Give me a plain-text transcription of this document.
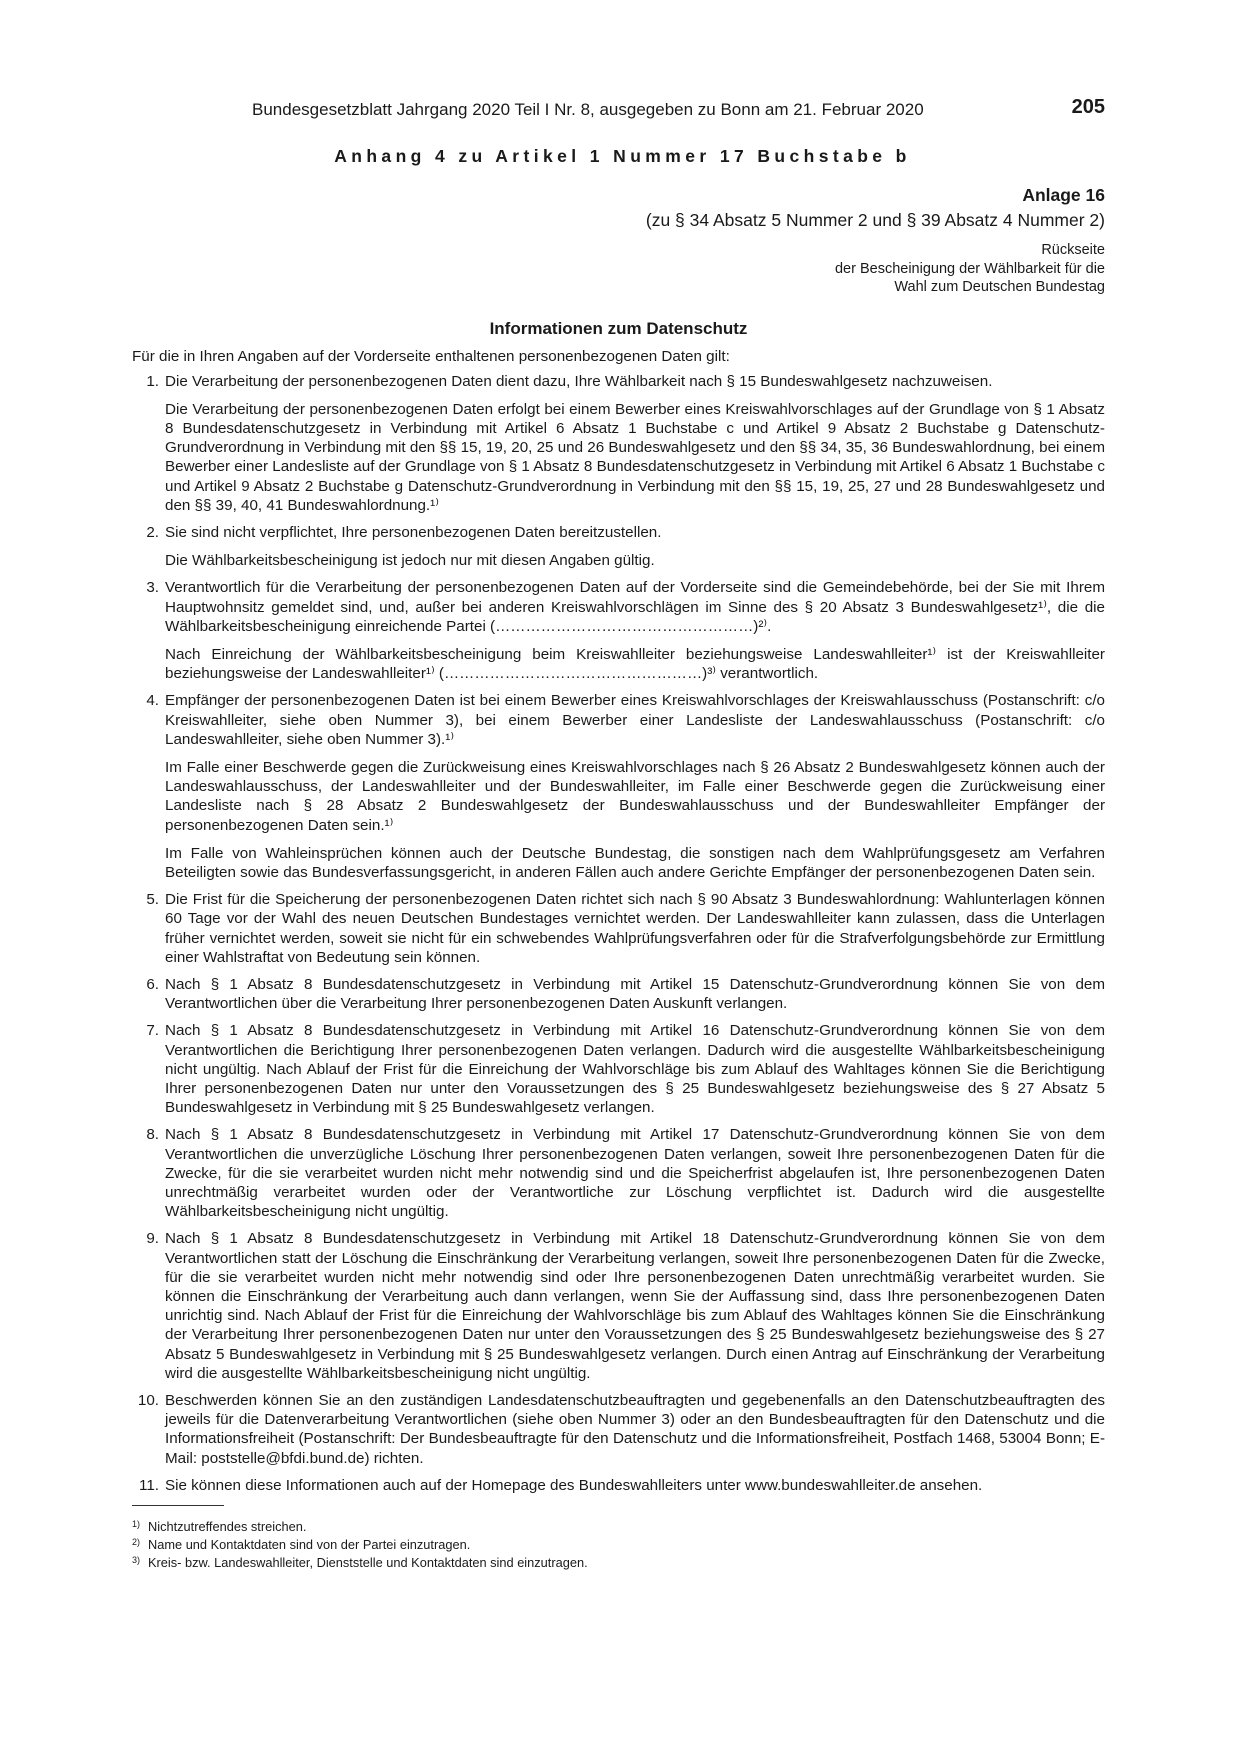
Bundesgesetzblatt Jahrgang 2020 Teil I Nr. 8, ausgegeben zu Bonn am 21. Februar 2020	205
Anhang 4 zu Artikel 1 Nummer 17 Buchstabe b
Anlage 16
(zu § 34 Absatz 5 Nummer 2 und § 39 Absatz 4 Nummer 2)
Rückseite
der Bescheinigung der Wählbarkeit für die
Wahl zum Deutschen Bundestag
Informationen zum Datenschutz
Für die in Ihren Angaben auf der Vorderseite enthaltenen personenbezogenen Daten gilt:
1. Die Verarbeitung der personenbezogenen Daten dient dazu, Ihre Wählbarkeit nach § 15 Bundeswahlgesetz nachzuweisen.

Die Verarbeitung der personenbezogenen Daten erfolgt bei einem Bewerber eines Kreiswahlvorschlages auf der Grundlage von § 1 Absatz 8 Bundesdatenschutzgesetz in Verbindung mit Artikel 6 Absatz 1 Buchstabe c und Artikel 9 Absatz 2 Buchstabe g Datenschutz-Grundverordnung in Verbindung mit den §§ 15, 19, 20, 25 und 26 Bundeswahlgesetz und den §§ 34, 35, 36 Bundeswahlordnung, bei einem Bewerber einer Landesliste auf der Grundlage von § 1 Absatz 8 Bundesdatenschutzgesetz in Verbindung mit Artikel 6 Absatz 1 Buchstabe c und Artikel 9 Absatz 2 Buchstabe g Datenschutz-Grundverordnung in Verbindung mit den §§ 15, 19, 25, 27 und 28 Bundeswahlgesetz und den §§ 39, 40, 41 Bundeswahlordnung.¹⁾

2. Sie sind nicht verpflichtet, Ihre personenbezogenen Daten bereitzustellen.

Die Wählbarkeitsbescheinigung ist jedoch nur mit diesen Angaben gültig.

3. Verantwortlich für die Verarbeitung der personenbezogenen Daten auf der Vorderseite sind die Gemeindebehörde, bei der Sie mit Ihrem Hauptwohnsitz gemeldet sind, und, außer bei anderen Kreiswahlvorschlägen im Sinne des § 20 Absatz 3 Bundeswahlgesetz¹⁾, die die Wählbarkeitsbescheinigung einreichende Partei (……………………………………………)²⁾.

Nach Einreichung der Wählbarkeitsbescheinigung beim Kreiswahlleiter beziehungsweise Landeswahlleiter¹⁾ ist der Kreiswahlleiter beziehungsweise der Landeswahlleiter¹⁾ (……………………………………………)³⁾ verantwortlich.

4. Empfänger der personenbezogenen Daten ist bei einem Bewerber eines Kreiswahlvorschlages der Kreiswahlausschuss (Postanschrift: c/o Kreiswahlleiter, siehe oben Nummer 3), bei einem Bewerber einer Landesliste der Landeswahlausschuss (Postanschrift: c/o Landeswahlleiter, siehe oben Nummer 3).¹⁾

Im Falle einer Beschwerde gegen die Zurückweisung eines Kreiswahlvorschlages nach § 26 Absatz 2 Bundeswahlgesetz können auch der Landeswahlausschuss, der Landeswahlleiter und der Bundeswahlleiter, im Falle einer Beschwerde gegen die Zurückweisung einer Landesliste nach § 28 Absatz 2 Bundeswahlgesetz der Bundeswahlausschuss und der Bundeswahlleiter Empfänger der personenbezogenen Daten sein.¹⁾

Im Falle von Wahleinsprüchen können auch der Deutsche Bundestag, die sonstigen nach dem Wahlprüfungsgesetz am Verfahren Beteiligten sowie das Bundesverfassungsgericht, in anderen Fällen auch andere Gerichte Empfänger der personenbezogenen Daten sein.

5. Die Frist für die Speicherung der personenbezogenen Daten richtet sich nach § 90 Absatz 3 Bundeswahlordnung: Wahlunterlagen können 60 Tage vor der Wahl des neuen Deutschen Bundestages vernichtet werden. Der Landeswahlleiter kann zulassen, dass die Unterlagen früher vernichtet werden, soweit sie nicht für ein schwebendes Wahlprüfungsverfahren oder für die Strafverfolgungsbehörde zur Ermittlung einer Wahlstraftat von Bedeutung sein können.

6. Nach § 1 Absatz 8 Bundesdatenschutzgesetz in Verbindung mit Artikel 15 Datenschutz-Grundverordnung können Sie von dem Verantwortlichen über die Verarbeitung Ihrer personenbezogenen Daten Auskunft verlangen.

7. Nach § 1 Absatz 8 Bundesdatenschutzgesetz in Verbindung mit Artikel 16 Datenschutz-Grundverordnung können Sie von dem Verantwortlichen die Berichtigung Ihrer personenbezogenen Daten verlangen. Dadurch wird die ausgestellte Wählbarkeitsbescheinigung nicht ungültig. Nach Ablauf der Frist für die Einreichung der Wahlvorschläge bis zum Ablauf des Wahltages können Sie die Berichtigung Ihrer personenbezogenen Daten nur unter den Voraussetzungen des § 25 Bundeswahlgesetz beziehungsweise des § 27 Absatz 5 Bundeswahlgesetz in Verbindung mit § 25 Bundeswahlgesetz verlangen.

8. Nach § 1 Absatz 8 Bundesdatenschutzgesetz in Verbindung mit Artikel 17 Datenschutz-Grundverordnung können Sie von dem Verantwortlichen die unverzügliche Löschung Ihrer personenbezogenen Daten verlangen, soweit Ihre personenbezogenen Daten für die Zwecke, für die sie verarbeitet wurden nicht mehr notwendig sind und die Speicherfrist abgelaufen ist, Ihre personenbezogenen Daten unrechtmäßig verarbeitet wurden oder der Verantwortliche zur Löschung verpflichtet ist. Dadurch wird die ausgestellte Wählbarkeitsbescheinigung nicht ungültig.

9. Nach § 1 Absatz 8 Bundesdatenschutzgesetz in Verbindung mit Artikel 18 Datenschutz-Grundverordnung können Sie von dem Verantwortlichen statt der Löschung die Einschränkung der Verarbeitung verlangen, soweit Ihre personenbezogenen Daten für die Zwecke, für die sie verarbeitet wurden nicht mehr notwendig sind oder Ihre personenbezogenen Daten unrechtmäßig verarbeitet wurden. Sie können die Einschränkung der Verarbeitung auch dann verlangen, wenn Sie der Auffassung sind, dass Ihre personenbezogenen Daten unrichtig sind. Nach Ablauf der Frist für die Einreichung der Wahlvorschläge bis zum Ablauf des Wahltages können Sie die Einschränkung der Verarbeitung Ihrer personenbezogenen Daten nur unter den Voraussetzungen des § 25 Bundeswahlgesetz beziehungsweise des § 27 Absatz 5 Bundeswahlgesetz in Verbindung mit § 25 Bundeswahlgesetz verlangen. Durch einen Antrag auf Einschränkung der Verarbeitung wird die ausgestellte Wählbarkeitsbescheinigung nicht ungültig.

10. Beschwerden können Sie an den zuständigen Landesdatenschutzbeauftragten und gegebenenfalls an den Datenschutzbeauftragten des jeweils für die Datenverarbeitung Verantwortlichen (siehe oben Nummer 3) oder an den Bundesbeauftragten für den Datenschutz und die Informationsfreiheit (Postanschrift: Der Bundesbeauftragte für den Datenschutz und die Informationsfreiheit, Postfach 1468, 53004 Bonn; E-Mail: poststelle@bfdi.bund.de) richten.

11. Sie können diese Informationen auch auf der Homepage des Bundeswahlleiters unter www.bundeswahlleiter.de ansehen.

1) Nichtzutreffendes streichen.
2) Name und Kontaktdaten sind von der Partei einzutragen.
3) Kreis- bzw. Landeswahlleiter, Dienststelle und Kontaktdaten sind einzutragen.
